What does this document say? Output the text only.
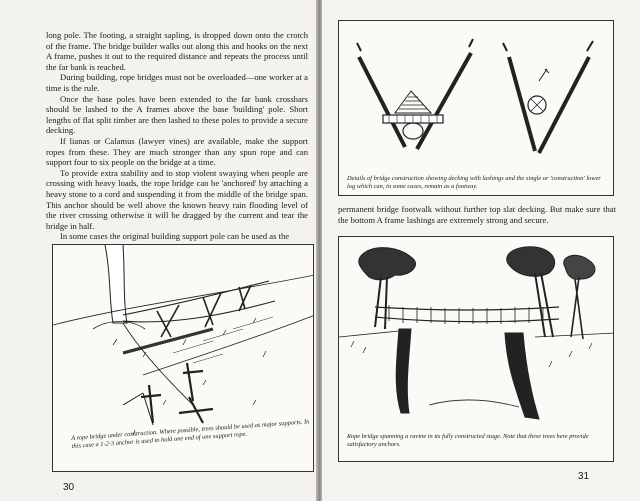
long pole. The footing, a straight sapling, is dropped down onto the crotch of the frame. The bridge builder walks out along this and hooks on the next A frame, pushes it out to the required distance and repeats the process until the far bank is reached.

During building, rope bridges must not be overloaded—one worker at a time is the rule.

Once the base poles have been extended to the far bank crossbars should be lashed to the A frames above the base 'building' pole. Short lengths of flat split timber are then lashed to these poles to provide a secure decking.

If lianas or Calamus (lawyer vines) are available, make the support ropes from these. They are much stronger than any spun rope and can support four to six people on the bridge at a time.

To provide extra stability and to stop violent swaying when people are crossing with heavy loads, the rope bridge can be 'anchored' by attaching a heavy stone to a cord and suspending it from the middle of the bridge span. This anchor should be well above the known heavy rain flooding level of the river crossing otherwise it will be dragged by the current and tear the bridge in half.

In some cases the original building support pole can be used as the

A rope bridge under construction. Where possible, trees should be used as major supports. In this case a 1-2-3 anchor is used to hold one end of one support rope.
30
Details of bridge construction showing decking with lashings and the single or 'construction' lower log which can, in some cases, remain as a footway.

permanent bridge footwalk without further top slat decking. But make sure that the bottom A frame lashings are extremely strong and secure.

Rope bridge spanning a ravine in its fully constructed stage. Note that three trees here provide satisfactory anchors.
31
